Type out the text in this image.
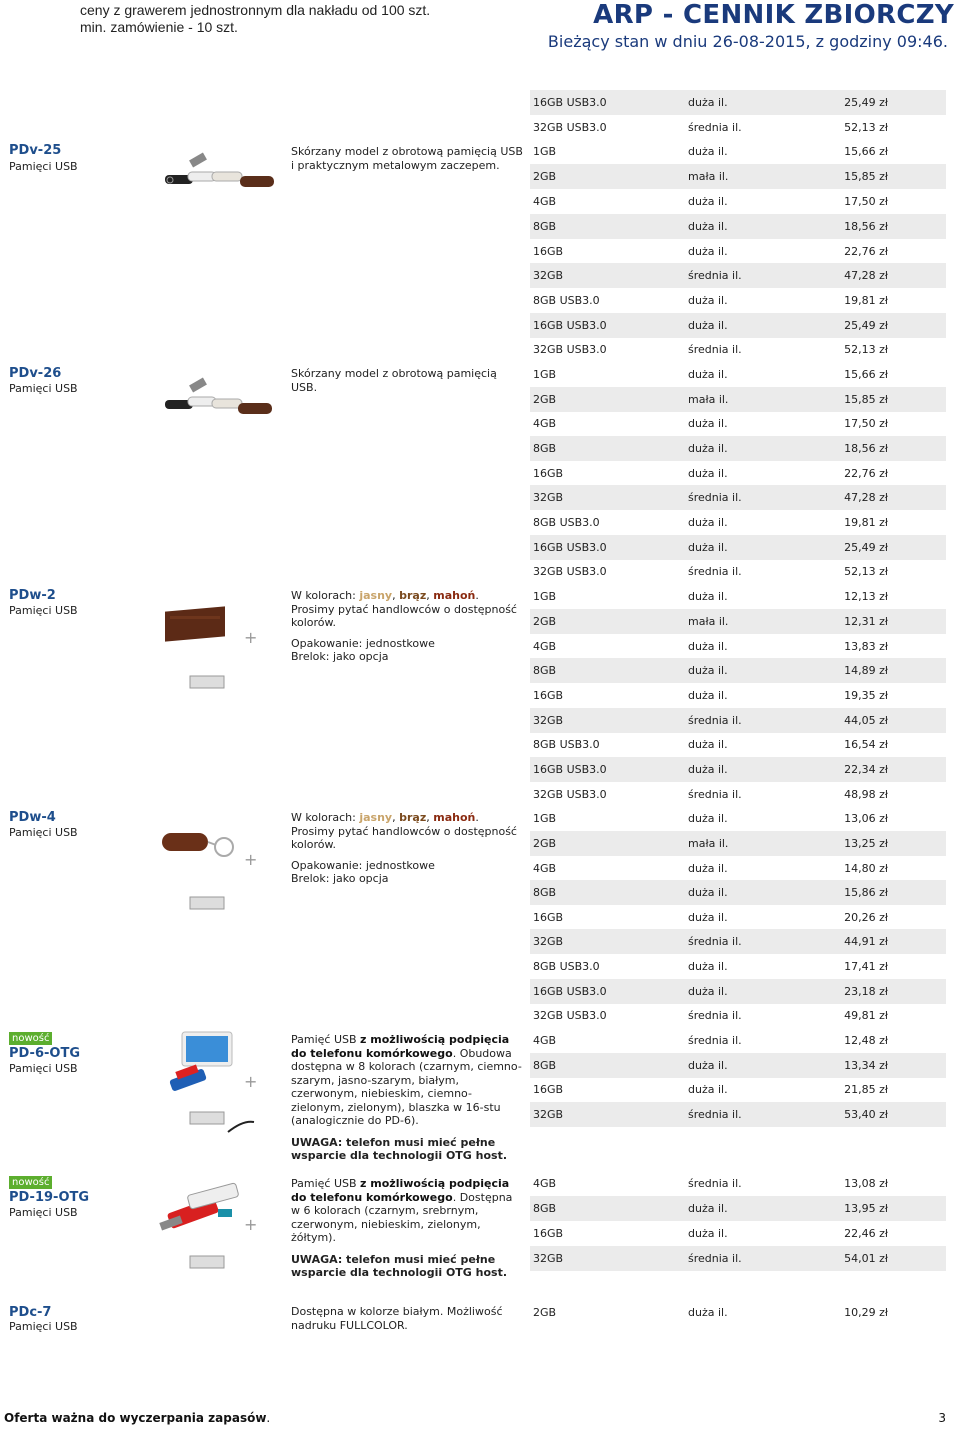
ceny z grawerem jednostronnym dla nakładu od 100 szt.
min. zamówienie - 10 szt.	ARP - CENNIK ZBIORCZY
Bieżący stan w dniu 26-08-2015, z godziny 09:46.
16GB USB3.0	duża il.	25,49 zł
32GB USB3.0	średnia il.	52,13 zł
PDv-25
Pamięci USB
Skórzany model z obrotową pamięcią USB i praktycznym metalowym zaczepem.
1GB	duża il.	15,66 zł
2GB	mała il.	15,85 zł
4GB	duża il.	17,50 zł
8GB	duża il.	18,56 zł
16GB	duża il.	22,76 zł
32GB	średnia il.	47,28 zł
8GB USB3.0	duża il.	19,81 zł
16GB USB3.0	duża il.	25,49 zł
32GB USB3.0	średnia il.	52,13 zł
PDv-26
Pamięci USB
Skórzany model z obrotową pamięcią USB.
1GB	duża il.	15,66 zł
2GB	mała il.	15,85 zł
4GB	duża il.	17,50 zł
8GB	duża il.	18,56 zł
16GB	duża il.	22,76 zł
32GB	średnia il.	47,28 zł
8GB USB3.0	duża il.	19,81 zł
16GB USB3.0	duża il.	25,49 zł
32GB USB3.0	średnia il.	52,13 zł
PDw-2
Pamięci USB
W kolorach: jasny, brąz, mahoń. Prosimy pytać handlowców o dostępność kolorów.
Opakowanie: jednostkowe
Brelok: jako opcja
+
1GB	duża il.	12,13 zł
2GB	mała il.	12,31 zł
4GB	duża il.	13,83 zł
8GB	duża il.	14,89 zł
16GB	duża il.	19,35 zł
32GB	średnia il.	44,05 zł
8GB USB3.0	duża il.	16,54 zł
16GB USB3.0	duża il.	22,34 zł
32GB USB3.0	średnia il.	48,98 zł
PDw-4
Pamięci USB
W kolorach: jasny, brąz, mahoń. Prosimy pytać handlowców o dostępność kolorów.
Opakowanie: jednostkowe
Brelok: jako opcja
+
1GB	duża il.	13,06 zł
2GB	mała il.	13,25 zł
4GB	duża il.	14,80 zł
8GB	duża il.	15,86 zł
16GB	duża il.	20,26 zł
32GB	średnia il.	44,91 zł
8GB USB3.0	duża il.	17,41 zł
16GB USB3.0	duża il.	23,18 zł
32GB USB3.0	średnia il.	49,81 zł
nowość
PD-6-OTG
Pamięci USB
Pamięć USB z możliwością podpięcia do telefonu komórkowego. Obudowa dostępna w 8 kolorach (czarnym, ciemno-szarym, jasno-szarym, białym, czerwonym, niebieskim, ciemno-zielonym, zielonym), blaszka w 16-stu (analogicznie do PD-6).
UWAGA: telefon musi mieć pełne wsparcie dla technologii OTG host.
+
4GB	średnia il.	12,48 zł
8GB	duża il.	13,34 zł
16GB	duża il.	21,85 zł
32GB	średnia il.	53,40 zł
nowość
PD-19-OTG
Pamięci USB
Pamięć USB z możliwością podpięcia do telefonu komórkowego. Dostępna w 6 kolorach (czarnym, srebrnym, czerwonym, niebieskim, zielonym, żółtym).
UWAGA: telefon musi mieć pełne wsparcie dla technologii OTG host.
+
4GB	średnia il.	13,08 zł
8GB	duża il.	13,95 zł
16GB	duża il.	22,46 zł
32GB	średnia il.	54,01 zł
PDc-7
Pamięci USB
Dostępna w kolorze białym. Możliwość nadruku FULLCOLOR.
2GB	duża il.	10,29 zł
Oferta ważna do wyczerpania zapasów.	3
